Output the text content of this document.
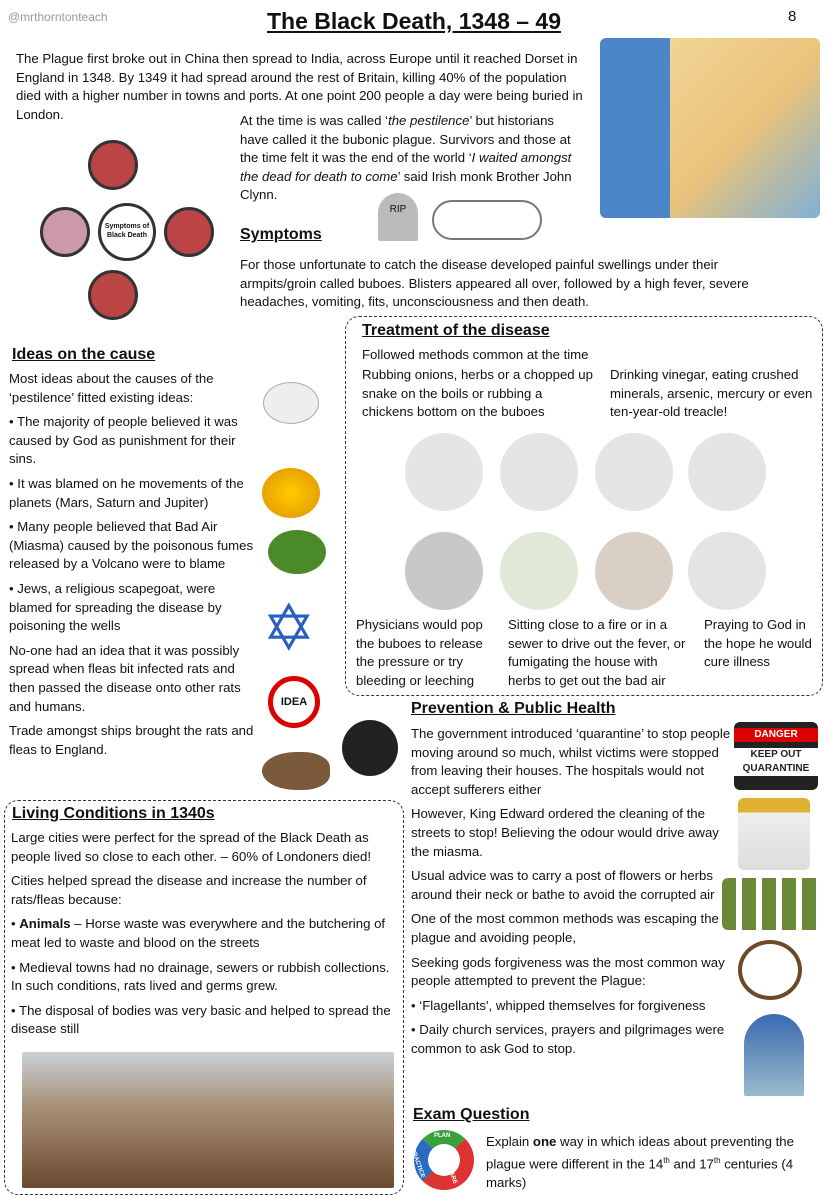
@mrthorntonteach	The Black Death, 1348 – 49	8
The Plague first broke out in China then spread to India, across Europe until it reached Dorset in England in 1348. By 1349 it had spread around the rest of Britain, killing 40% of the population died with a higher number in towns and ports. At one point 200 people a day were being buried in London.	At the time is was called ‘the pestilence’ but historians have called it the bubonic plague. Survivors and those at the time felt it was the end of the world ‘I waited amongst the dead for death to come’ said Irish monk Brother John Clynn.
Symptoms of Black Death	Symptoms
RIP
For those unfortunate to catch the disease developed painful swellings under their armpits/groin called buboes. Blisters appeared all over, followed by a high fever, severe headaches, vomiting, fits, unconsciousness and then death.
Ideas on the cause

Most ideas about the causes of the ‘pestilence’ fitted existing ideas:

• The majority of people believed it was caused by God as punishment for their sins.

• It was blamed on he movements of the planets (Mars, Saturn and Jupiter)

• Many people believed that Bad Air (Miasma) caused by the poisonous fumes released by a Volcano were to blame

• Jews, a religious scapegoat, were blamed for spreading the disease by poisoning the wells

No-one had an idea that it was possibly spread when fleas bit infected rats and then passed the disease onto other rats and humans.

Trade amongst ships brought the rats and fleas to England.

✡
IDEA
Treatment of the disease
Followed methods common at the time
Rubbing onions, herbs or a chopped up snake on the boils or rubbing a chickens bottom on the buboes
Drinking vinegar, eating crushed minerals, arsenic, mercury or even ten-year-old treacle!
Physicians would pop the buboes to release the pressure or try bleeding or leeching
Sitting close to a fire or in a sewer to drive out the fever, or fumigating the house with herbs to get out the bad air
Praying to God in the hope he would cure illness
Living Conditions in 1340s

Large cities were perfect for the spread of the Black Death as people lived so close to each other. – 60% of Londoners died!

Cities helped spread the disease and increase the number of rats/fleas because:

• Animals – Horse waste was everywhere and the butchering of meat led to waste and blood on the streets

• Medieval towns had no drainage, sewers or rubbish collections. In such conditions, rats lived and germs grew.

• The disposal of bodies was very basic and helped to spread the disease still

Prevention & Public Health

The government introduced ‘quarantine’ to stop people moving around so much, whilst victims were stopped from leaving their houses. The hospitals would not accept sufferers either

However, King Edward ordered the cleaning of the streets to stop! Believing the odour would drive away the miasma.

Usual advice was to carry a post of flowers or herbs around their neck or bathe to avoid the corrupted air

One of the most common methods was escaping the plague and avoiding people,

Seeking gods forgiveness was the most common way people attempted to prevent the Plague:

• ‘Flagellants', whipped themselves for forgiveness

• Daily church services, prayers and pilgrimages were common to ask God to stop.

DANGER
KEEP OUT
QUARANTINE
Exam Question
PLAN
PREPARE
PRACTICE
Explain one way in which ideas about preventing the plague were different in the 14th and 17th centuries (4 marks)
